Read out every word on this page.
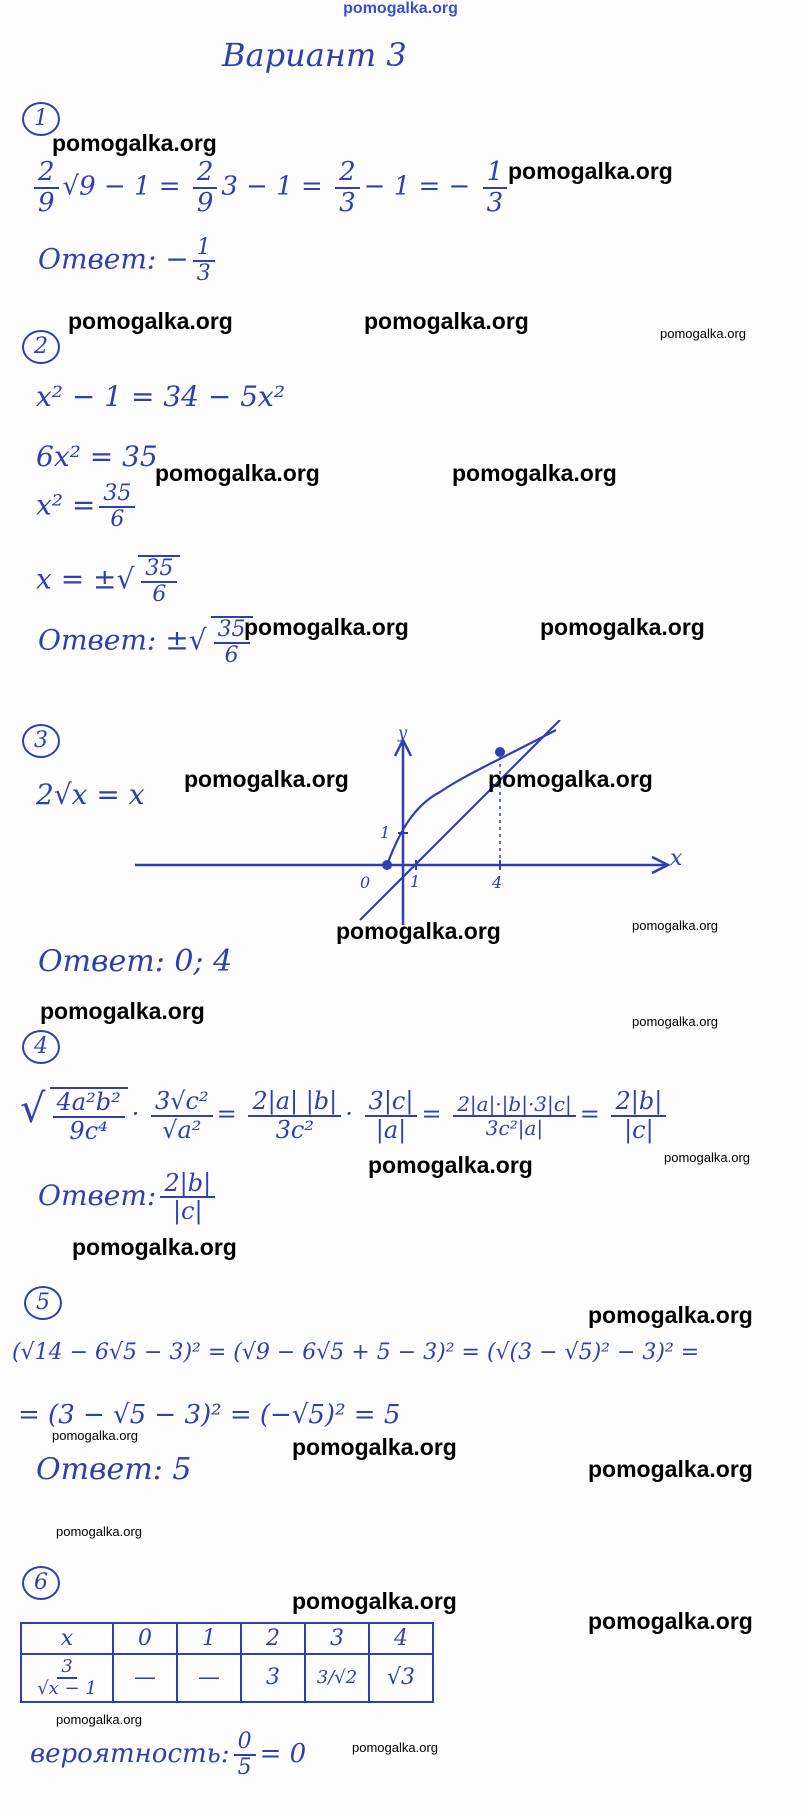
pomogalka.org
Вариант 3
1
$\frac{2}{9} √9 - 1 = \frac{2}{9} 3 - 1 = \frac{2}{3} - 1$ = − $\frac{1}{3}$
Ответ: − $\frac{1}{3}$
2
x² − 1 = 34 − 5x²
6x² = 35
$x^2 = \frac{35}{6}$
x = ±√ $\frac{35}{6}$
Ответ: ±√ $\frac{35}{6}$
3
2√x = x
0 1	4
1
x
y
Ответ: 0; 4
4
√ $\frac{\text{4a²b²}}{\text{9c⁴}} \cdot \frac{\text{3√c²}}{\text{√a²}} = \frac{2|a| |b|}{\text{3c²}} \cdot \frac{3|c|}{|a|} = \frac{2|a|\cdot|b|\cdot 3|c|}{\text{3c²|a|}} = \frac{2|b|}{|c|}$
Ответ: $\frac{2|b|}{|c|}$
5
(√14 − 6√5 − 3)² = (√9 − 6√5 + 5 − 3)² = (√(3 − √5)² − 3)² =
= (3 − √5 − 3)² = (−√5)² = 5
Ответ: 5
6
x	0	1	2	3	4

$\frac{3}{√x - 1}$	—	—	3	3/√2	√3
вероятность: $\frac{0}{5} = 0$
pomogalka.org
pomogalka.org
pomogalka.org	pomogalka.org	pomogalka.org
pomogalka.org	pomogalka.org
pomogalka.org	pomogalka.org
pomogalka.org	pomogalka.org
pomogalka.org	pomogalka.org
pomogalka.org	pomogalka.org
pomogalka.org	pomogalka.org
pomogalka.org
pomogalka.org
pomogalka.org	pomogalka.org
pomogalka.org
pomogalka.org
pomogalka.org
pomogalka.org
pomogalka.org
pomogalka.org
